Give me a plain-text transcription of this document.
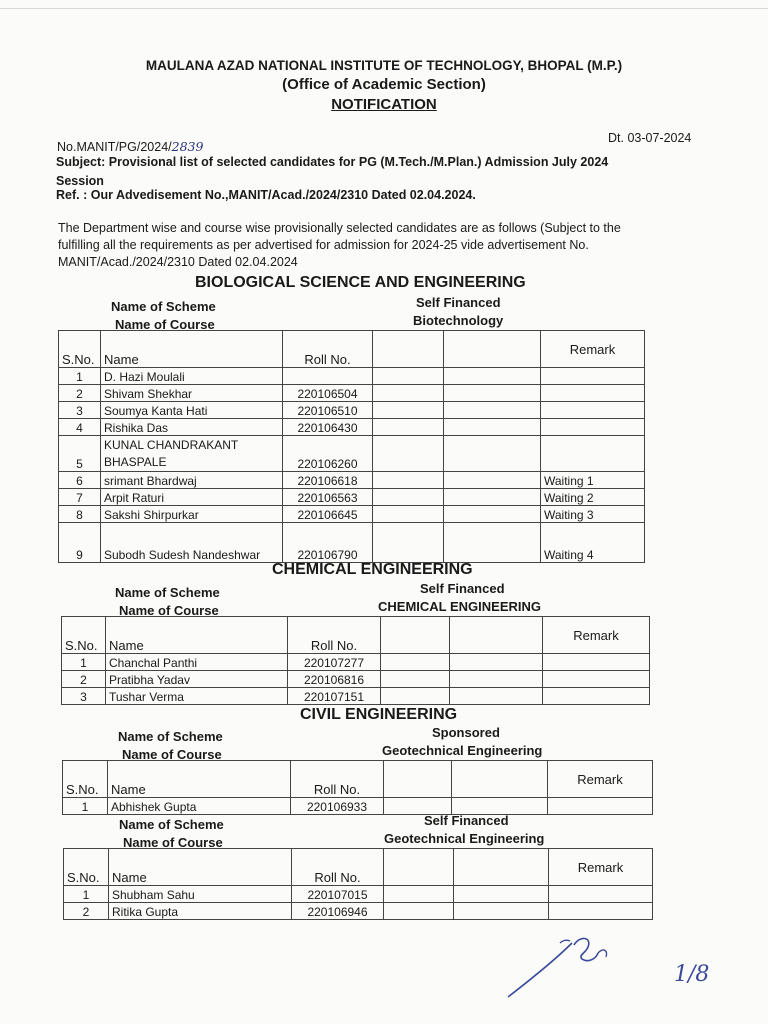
MAULANA AZAD NATIONAL INSTITUTE OF TECHNOLOGY, BHOPAL (M.P.)
(Office of Academic Section)
NOTIFICATION
No.MANIT/PG/2024/2839
Dt. 03-07-2024
Subject: Provisional list of selected candidates for PG (M.Tech./M.Plan.) Admission July 2024
Session
Ref. : Our Advedisement No.,MANIT/Acad./2024/2310 Dated 02.04.2024.
The Department wise and course wise provisionally selected candidates are as follows (Subject to the
fulfilling all the requirements as per advertised for admission for 2024-25 vide advertisement No.
MANIT/Acad./2024/2310 Dated 02.04.2024
BIOLOGICAL SCIENCE AND ENGINEERING
Name of Scheme
Name of Course
Self Financed
Biotechnology
S.No.	Name	Roll No.			Remark
1	D. Hazi Moulali				
2	Shivam Shekhar	220106504			
3	Soumya Kanta Hati	220106510			
4	Rishika Das	220106430			
5	KUNAL CHANDRAKANT BHASPALE	220106260			
6	srimant Bhardwaj	220106618			Waiting 1
7	Arpit Raturi	220106563			Waiting 2
8	Sakshi Shirpurkar	220106645			Waiting 3
9	Subodh Sudesh Nandeshwar	220106790			Waiting 4
CHEMICAL ENGINEERING
Name of Scheme
Name of Course
Self Financed
CHEMICAL ENGINEERING
S.No.	Name	Roll No.			Remark
1	Chanchal Panthi	220107277			
2	Pratibha Yadav	220106816			
3	Tushar Verma	220107151			
CIVIL ENGINEERING
Name of Scheme
Name of Course
Sponsored
Geotechnical Engineering
S.No.	Name	Roll No.			Remark
1	Abhishek Gupta	220106933			
Name of Scheme
Name of Course
Self Financed
Geotechnical Engineering
S.No.	Name	Roll No.			Remark
1	Shubham Sahu	220107015			
2	Ritika Gupta	220106946			
1/8
